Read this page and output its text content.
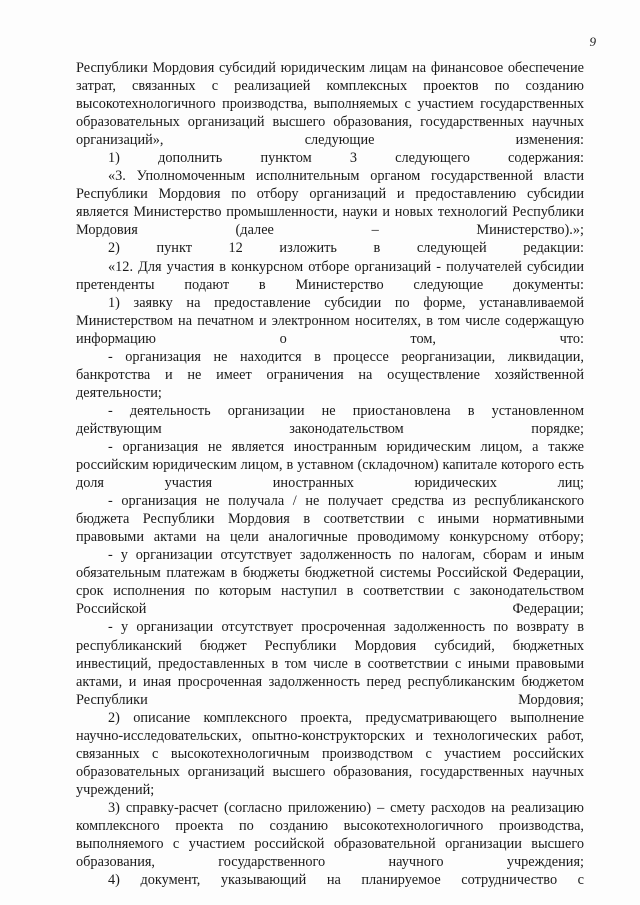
9

Республики Мордовия субсидий юридическим лицам на финансовое обеспечение затрат, связанных с реализацией комплексных проектов по созданию высокотехнологичного производства, выполняемых с участием государственных образовательных организаций высшего образования, государственных научных организаций», следующие изменения:

1) дополнить пунктом 3 следующего содержания:

«3. Уполномоченным исполнительным органом государственной власти Республики Мордовия по отбору организаций и предоставлению субсидии является Министерство промышленности, науки и новых технологий Республики Мордовия (далее – Министерство).»;

2) пункт 12 изложить в следующей редакции:

«12. Для участия в конкурсном отборе организаций - получателей субсидии претенденты подают в Министерство следующие документы:

1) заявку на предоставление субсидии по форме, устанавливаемой Министерством на печатном и электронном носителях, в том числе содержащую информацию о том, что:

- организация не находится в процессе реорганизации, ликвидации, банкротства и не имеет ограничения на осуществление хозяйственной деятельности;

- деятельность организации не приостановлена в установленном действующим законодательством порядке;

- организация не является иностранным юридическим лицом, а также российским юридическим лицом, в уставном (складочном) капитале которого есть доля участия иностранных юридических лиц;

- организация не получала / не получает средства из республиканского бюджета Республики Мордовия в соответствии с иными нормативными правовыми актами на цели аналогичные проводимому конкурсному отбору;

- у организации отсутствует задолженность по налогам, сборам и иным обязательным платежам в бюджеты бюджетной системы Российской Федерации, срок исполнения по которым наступил в соответствии с законодательством Российской Федерации;

- у организации отсутствует просроченная задолженность по возврату в республиканский бюджет Республики Мордовия субсидий, бюджетных инвестиций, предоставленных в том числе в соответствии с иными правовыми актами, и иная просроченная задолженность перед республиканским бюджетом Республики Мордовия;

2) описание комплексного проекта, предусматривающего выполнение научно-исследовательских, опытно-конструкторских и технологических работ, связанных с высокотехнологичным производством с участием российских образовательных организаций высшего образования, государственных научных учреждений;

3) справку-расчет (согласно приложению) – смету расходов на реализацию комплексного проекта по созданию высокотехнологичного производства, выполняемого с участием российской образовательной организации высшего образования, государственного научного учреждения;

4) документ, указывающий на планируемое сотрудничество с
